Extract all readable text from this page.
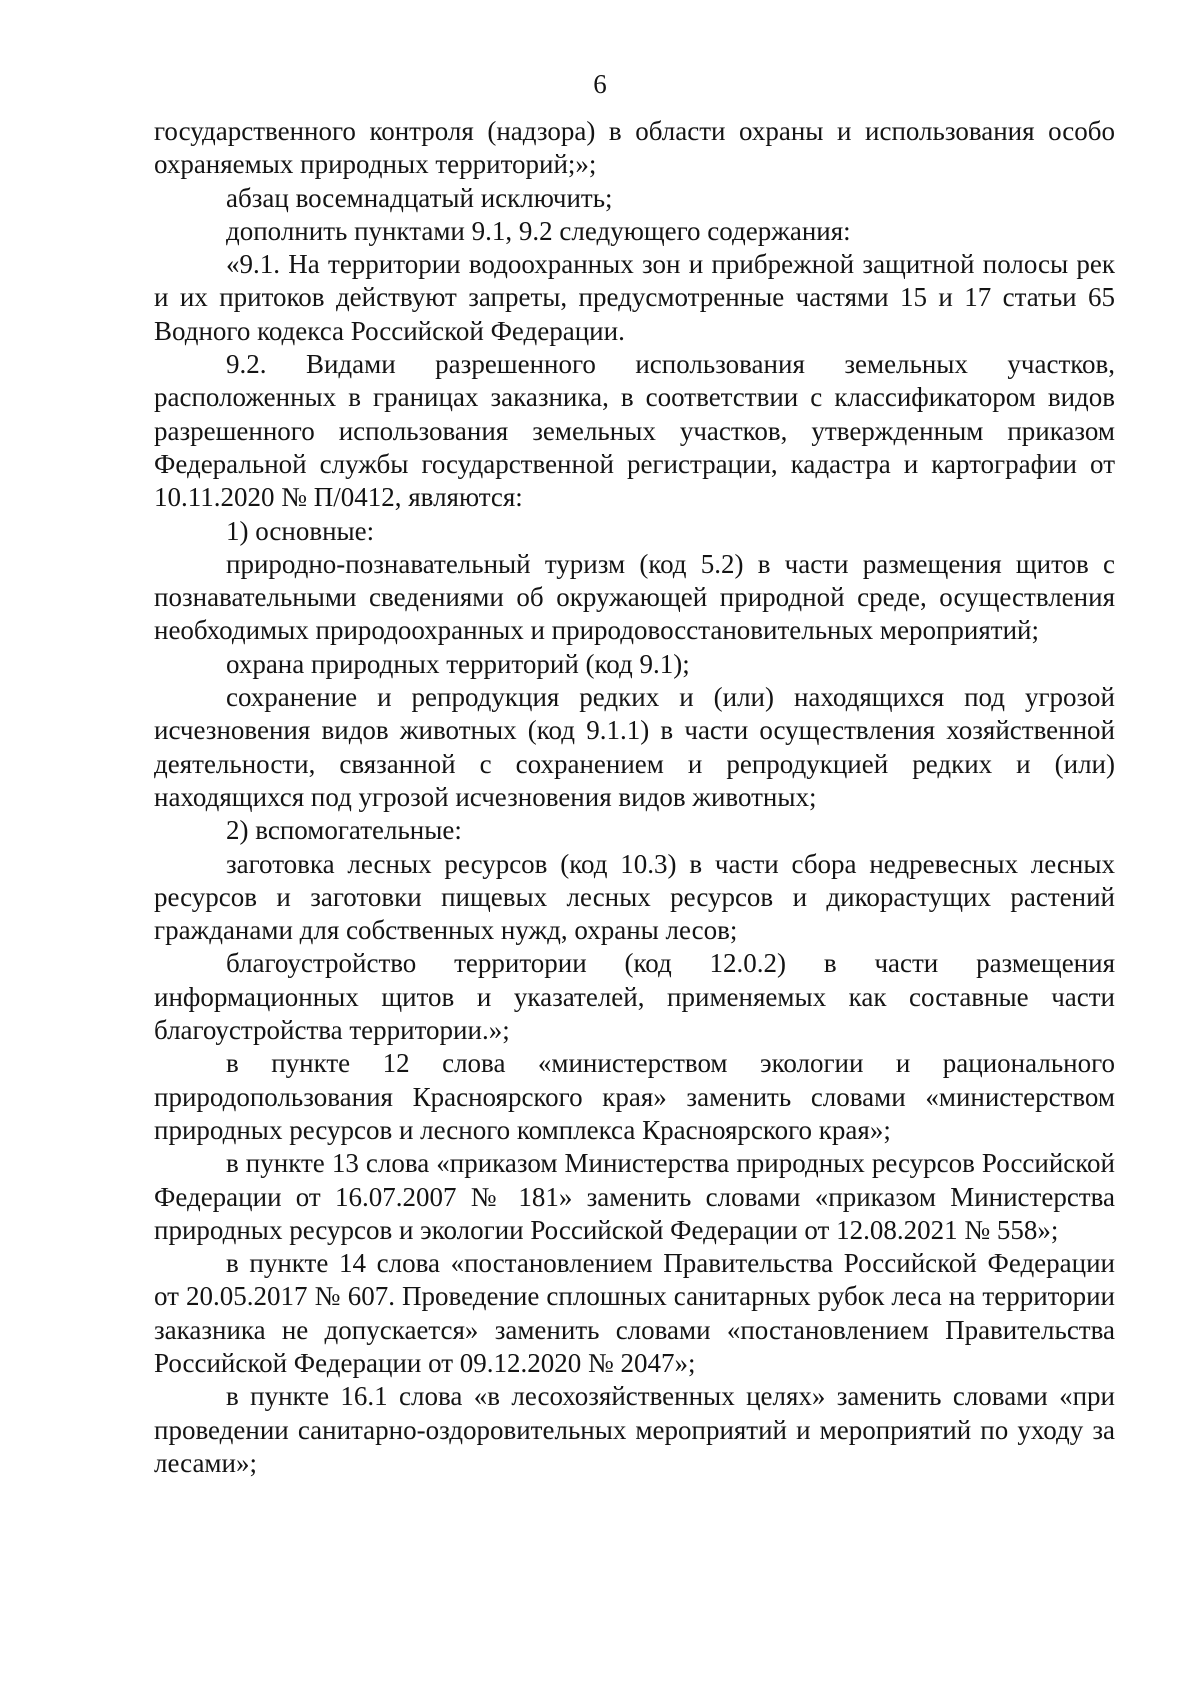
6

государственного контроля (надзора) в области охраны и использования особо охраняемых природных территорий;»;

абзац восемнадцатый исключить;

дополнить пунктами 9.1, 9.2 следующего содержания:

«9.1. На территории водоохранных зон и прибрежной защитной полосы рек и их притоков действуют запреты, предусмотренные частями 15 и 17 статьи 65 Водного кодекса Российской Федерации.

9.2. Видами разрешенного использования земельных участков, расположенных в границах заказника, в соответствии с классификатором видов разрешенного использования земельных участков, утвержденным приказом Федеральной службы государственной регистрации, кадастра и картографии от 10.11.2020 № П/0412, являются:

1) основные:

природно-познавательный туризм (код 5.2) в части размещения щитов с познавательными сведениями об окружающей природной среде, осуществления необходимых природоохранных и природовосстановительных мероприятий;

охрана природных территорий (код 9.1);

сохранение и репродукция редких и (или) находящихся под угрозой исчезновения видов животных (код 9.1.1) в части осуществления хозяйственной деятельности, связанной с сохранением и репродукцией редких и (или) находящихся под угрозой исчезновения видов животных;

2) вспомогательные:

заготовка лесных ресурсов (код 10.3) в части сбора недревесных лесных ресурсов и заготовки пищевых лесных ресурсов и дикорастущих растений гражданами для собственных нужд, охраны лесов;

благоустройство территории (код 12.0.2) в части размещения информационных щитов и указателей, применяемых как составные части благоустройства территории.»;

в пункте 12 слова «министерством экологии и рационального природопользования Красноярского края» заменить словами «министерством природных ресурсов и лесного комплекса Красноярского края»;

в пункте 13 слова «приказом Министерства природных ресурсов Российской Федерации от 16.07.2007 № 181» заменить словами «приказом Министерства природных ресурсов и экологии Российской Федерации от 12.08.2021 № 558»;

в пункте 14 слова «постановлением Правительства Российской Федерации от 20.05.2017 № 607. Проведение сплошных санитарных рубок леса на территории заказника не допускается» заменить словами «постановлением Правительства Российской Федерации от 09.12.2020 № 2047»;

в пункте 16.1 слова «в лесохозяйственных целях» заменить словами «при проведении санитарно-оздоровительных мероприятий и мероприятий по уходу за лесами»;
